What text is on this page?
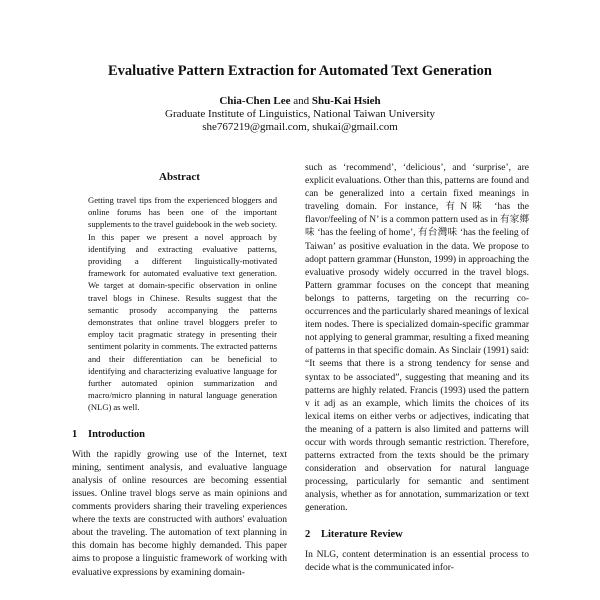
Evaluative Pattern Extraction for Automated Text Generation
Chia-Chen Lee and Shu-Kai Hsieh
Graduate Institute of Linguistics, National Taiwan University
she767219@gmail.com, shukai@gmail.com
Abstract

Getting travel tips from the experienced bloggers and online forums has been one of the important supplements to the travel guidebook in the web society. In this paper we present a novel approach by identifying and extracting evaluative patterns, providing a different linguistically-motivated framework for automated evaluative text generation. We target at domain-specific observation in online travel blogs in Chinese. Results suggest that the semantic prosody accompanying the patterns demonstrates that online travel bloggers prefer to employ tacit pragmatic strategy in presenting their sentiment polarity in comments. The extracted patterns and their differentiation can be beneficial to identifying and characterizing evaluative language for further automated opinion summarization and macro/micro planning in natural language generation (NLG) as well.

1 Introduction

With the rapidly growing use of the Internet, text mining, sentiment analysis, and evaluative language analysis of online resources are becoming essential issues. Online travel blogs serve as main opinions and comments providers sharing their traveling experiences where the texts are constructed with authors' evaluation about the traveling. The automation of text planning in this domain has become highly demanded. This paper aims to propose a linguistic framework of working with evaluative expressions by examining domain-

such as ‘recommend’, ‘delicious’, and ‘surprise’, are explicit evaluations. Other than this, patterns are found and can be generalized into a certain fixed meanings in traveling domain. For instance, 有N味 ‘has the flavor/feeling of N’ is a common pattern used as in 有家鄉味 ‘has the feeling of home’, 有台灣味 ‘has the feeling of Taiwan’ as positive evaluation in the data. We propose to adopt pattern grammar (Hunston, 1999) in approaching the evaluative prosody widely occurred in the travel blogs. Pattern grammar focuses on the concept that meaning belongs to patterns, targeting on the recurring co-occurrences and the particularly shared meanings of lexical item nodes. There is specialized domain-specific grammar not applying to general grammar, resulting a fixed meaning of patterns in that specific domain. As Sinclair (1991) said: “It seems that there is a strong tendency for sense and syntax to be associated”, suggesting that meaning and its patterns are highly related. Francis (1993) used the pattern v it adj as an example, which limits the choices of its lexical items on either verbs or adjectives, indicating that the meaning of a pattern is also limited and patterns will occur with words through semantic restriction. Therefore, patterns extracted from the texts should be the primary consideration and observation for natural language processing, particularly for semantic and sentiment analysis, whether as for annotation, summarization or text generation.

2 Literature Review

In NLG, content determination is an essential process to decide what is the communicated infor-
